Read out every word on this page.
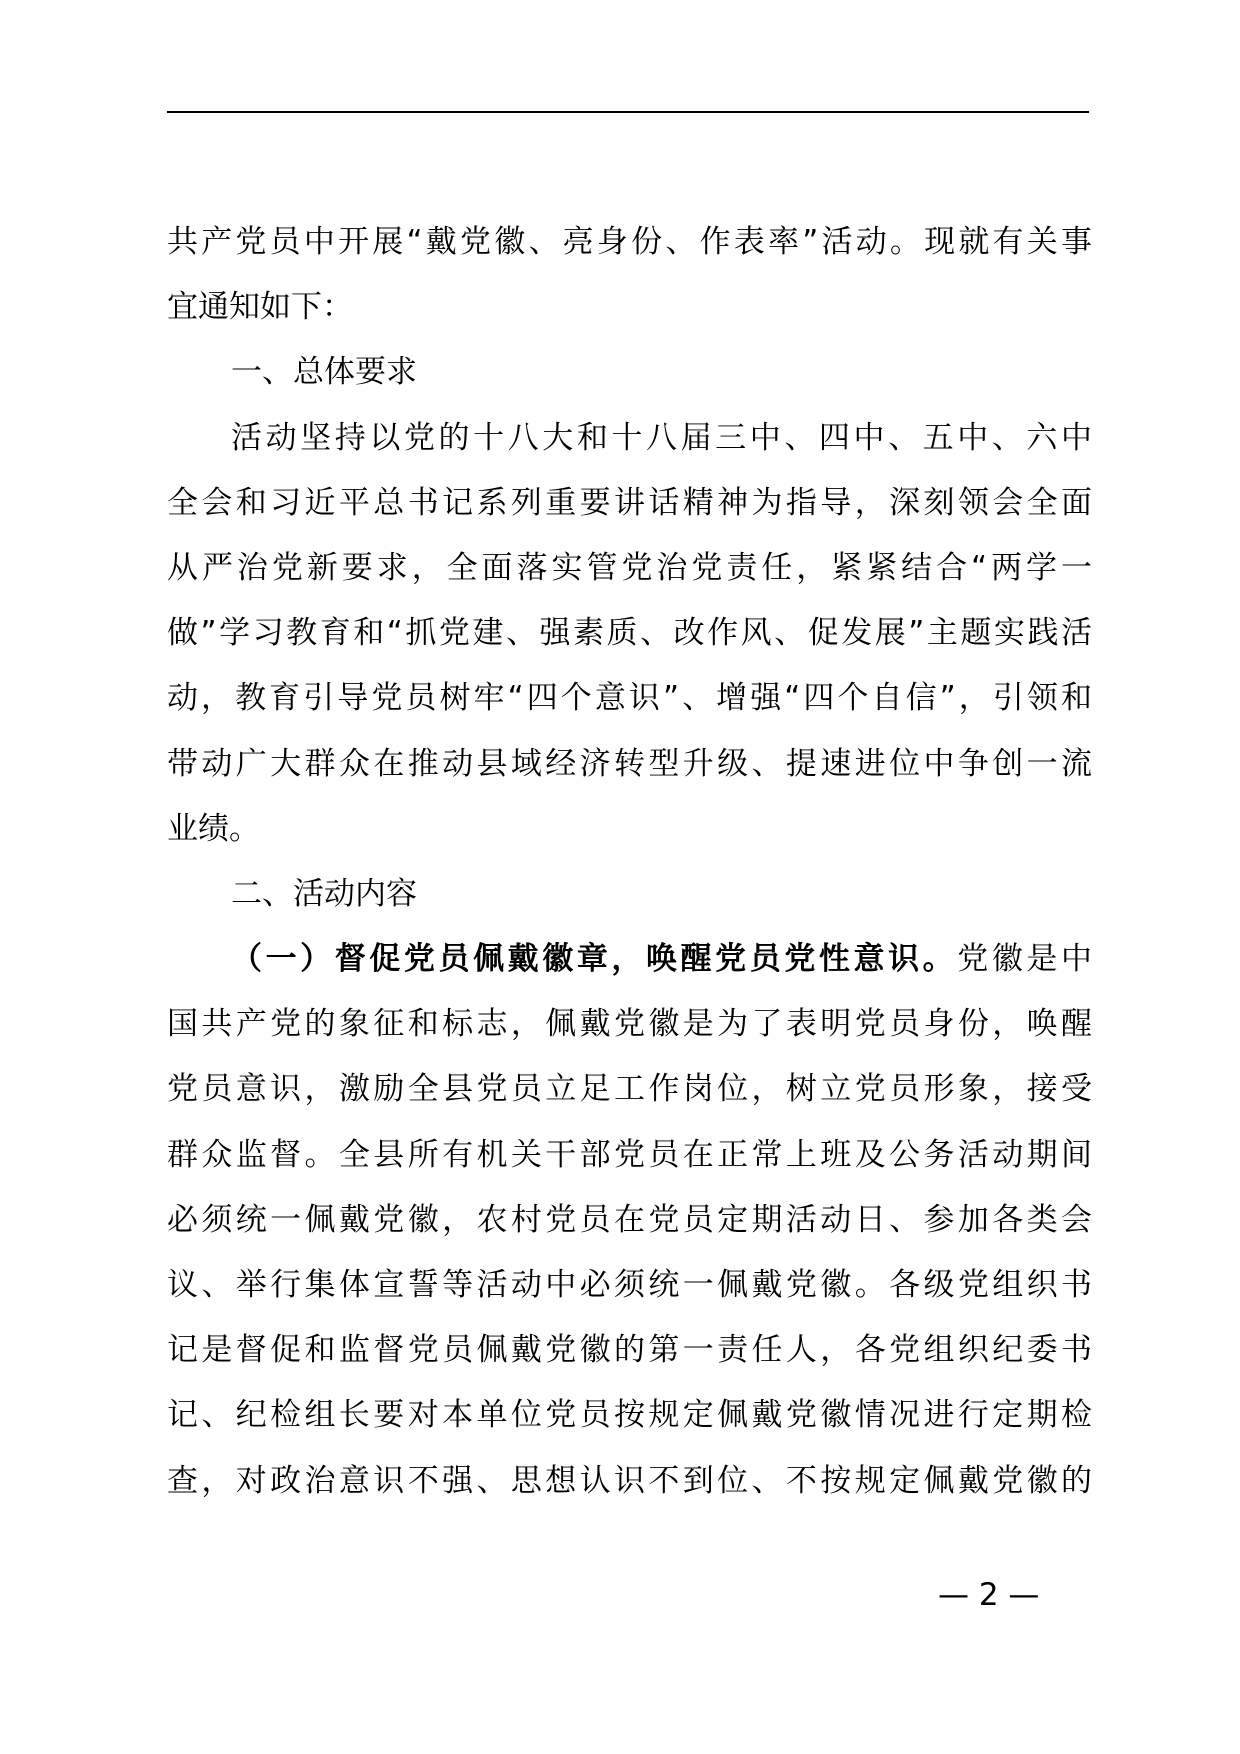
共产党员中开展“戴党徽、亮身份、作表率”活动。现就有关事
宜通知如下：
一、总体要求
活动坚持以党的十八大和十八届三中、四中、五中、六中
全会和习近平总书记系列重要讲话精神为指导，深刻领会全面
从严治党新要求，全面落实管党治党责任，紧紧结合“两学一
做”学习教育和“抓党建、强素质、改作风、促发展”主题实践活
动，教育引导党员树牢“四个意识”、增强“四个自信”，引领和
带动广大群众在推动县域经济转型升级、提速进位中争创一流
业绩。
二、活动内容
（一）督促党员佩戴徽章，唤醒党员党性意识。党徽是中
国共产党的象征和标志，佩戴党徽是为了表明党员身份，唤醒
党员意识，激励全县党员立足工作岗位，树立党员形象，接受
群众监督。全县所有机关干部党员在正常上班及公务活动期间
必须统一佩戴党徽，农村党员在党员定期活动日、参加各类会
议、举行集体宣誓等活动中必须统一佩戴党徽。各级党组织书
记是督促和监督党员佩戴党徽的第一责任人，各党组织纪委书
记、纪检组长要对本单位党员按规定佩戴党徽情况进行定期检
查，对政治意识不强、思想认识不到位、不按规定佩戴党徽的
— 2 —
